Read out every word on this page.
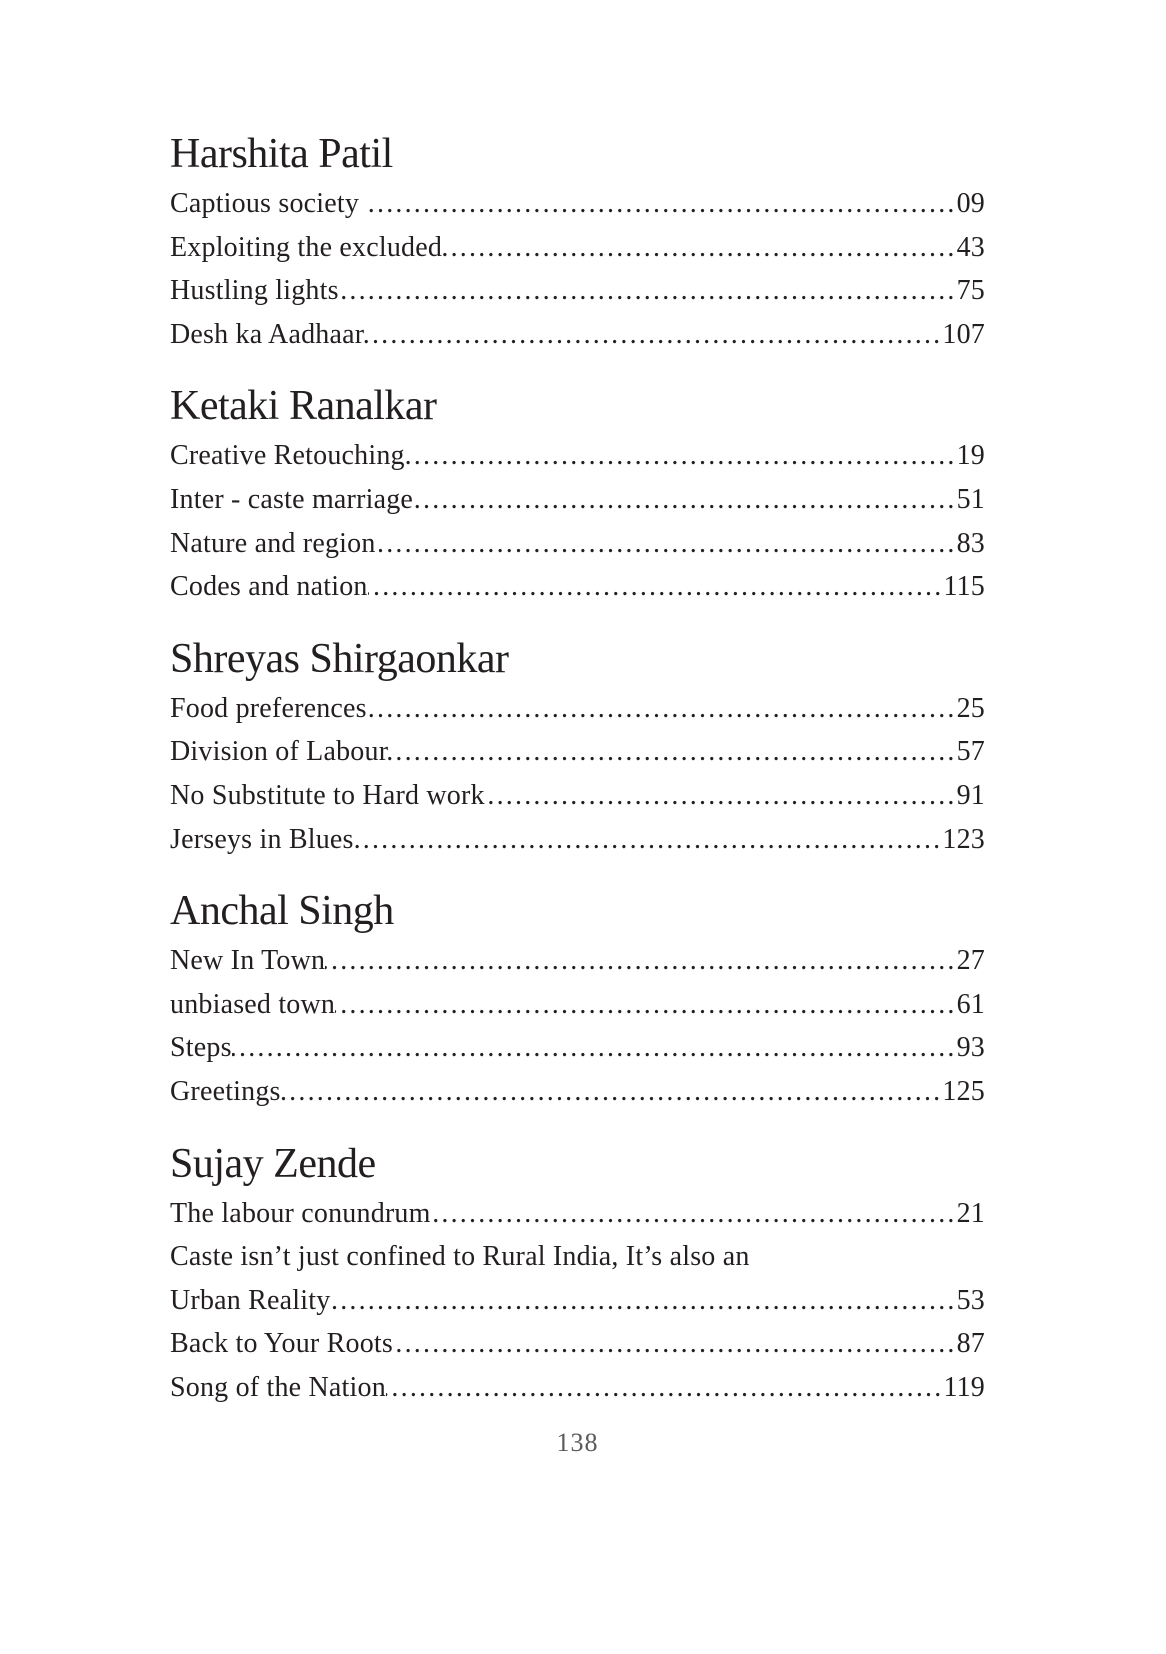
Harshita Patil
Captious society .....	09
Exploiting the excluded .....	43
Hustling lights .....	75
Desh ka Aadhaar .....	107
Ketaki Ranalkar
Creative Retouching .....	19
Inter - caste marriage .....	51
Nature and region .....	83
Codes and nation .....	115
Shreyas Shirgaonkar
Food preferences .....	25
Division of Labour .....	57
No Substitute to Hard work .....	91
Jerseys in Blues .....	123
Anchal Singh
New In Town .....	27
unbiased town .....	61
Steps .....	93
Greetings .....	125
Sujay Zende
The labour conundrum .....	21
Caste isn’t just confined to Rural India, It’s also an
Urban Reality .....	53
Back to Your Roots .....	87
Song of the Nation .....	119
138
